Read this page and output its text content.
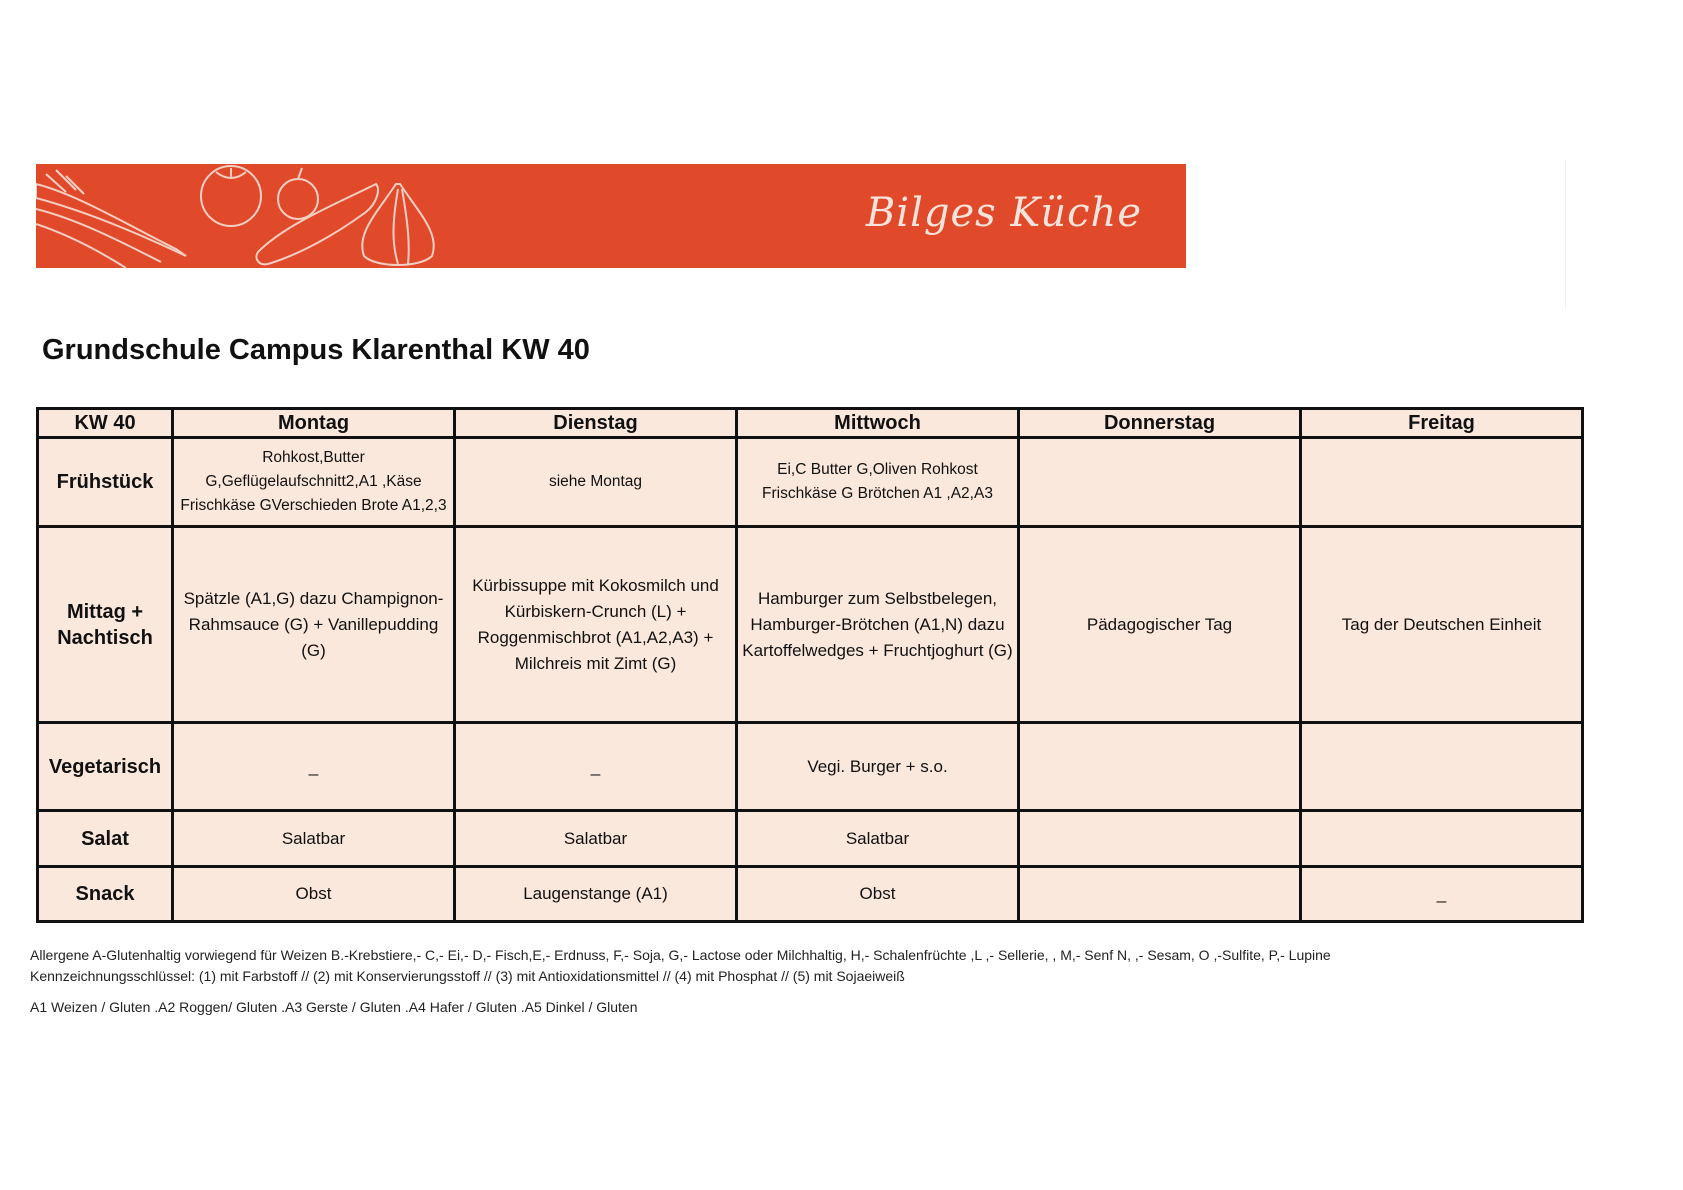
Bilges Küche
Grundschule Campus Klarenthal KW 40
KW 40	Montag	Dienstag	Mittwoch	Donnerstag	Freitag
Frühstück	Rohkost,Butter G,Geflügelaufschnitt2,A1 ,Käse Frischkäse GVerschieden Brote A1,2,3	siehe Montag	Ei,C Butter G,Oliven Rohkost Frischkäse G Brötchen A1 ,A2,A3		
Mittag + Nachtisch	Spätzle (A1,G) dazu Champignon-Rahmsauce (G) + Vanillepudding (G)	Kürbissuppe mit Kokosmilch und Kürbiskern-Crunch (L) + Roggenmischbrot (A1,A2,A3) + Milchreis mit Zimt (G)	Hamburger zum Selbstbelegen, Hamburger-Brötchen (A1,N) dazu Kartoffelwedges + Fruchtjoghurt (G)	Pädagogischer Tag	Tag der Deutschen Einheit
Vegetarisch	_	_	Vegi. Burger + s.o.		
Salat	Salatbar	Salatbar	Salatbar		
Snack	Obst	Laugenstange (A1)	Obst		_
Allergene A-Glutenhaltig vorwiegend für Weizen B.-Krebstiere,- C,- Ei,- D,- Fisch,E,- Erdnuss, F,- Soja, G,- Lactose oder Milchhaltig, H,- Schalenfrüchte ,L ,- Sellerie, , M,- Senf N, ,- Sesam, O ,-Sulfite, P,- Lupine
Kennzeichnungsschlüssel: (1) mit Farbstoff // (2) mit Konservierungsstoff // (3) mit Antioxidationsmittel // (4) mit Phosphat // (5) mit Sojaeiweiß
A1 Weizen / Gluten .A2 Roggen/ Gluten .A3 Gerste / Gluten .A4 Hafer / Gluten .A5 Dinkel / Gluten
